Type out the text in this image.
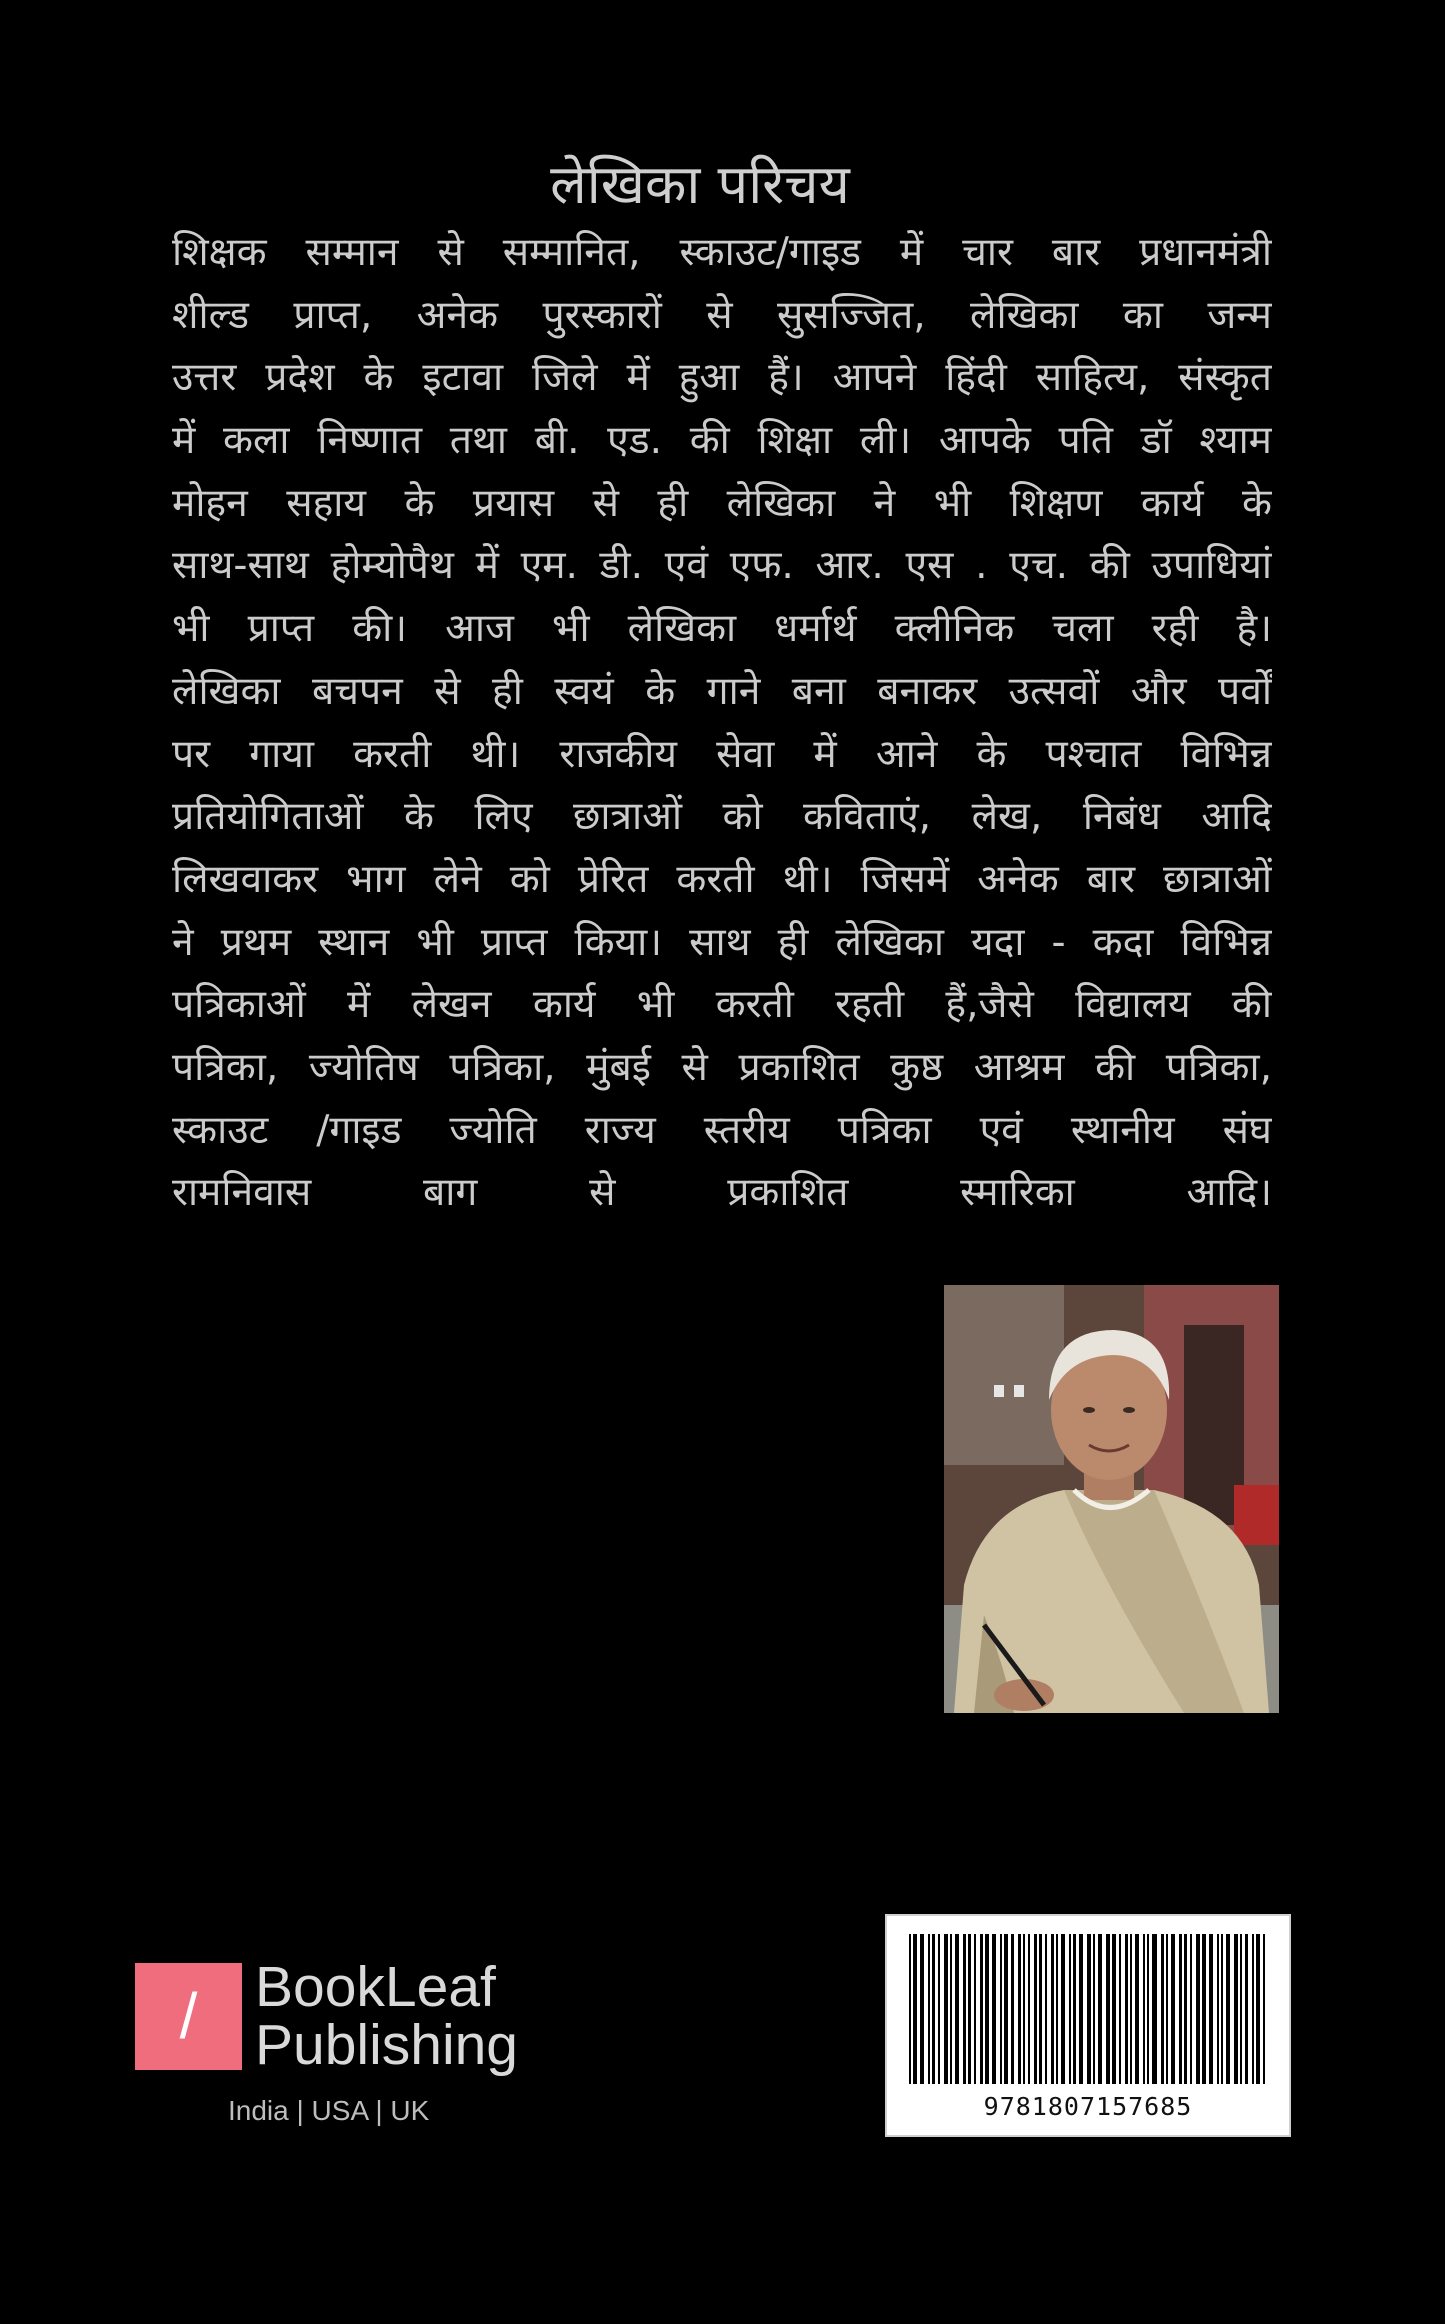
लेखिका परिचय
शिक्षक सम्मान से सम्मानित, स्काउट/गाइड में चार बार प्रधानमंत्री
शील्ड प्राप्त, अनेक पुरस्कारों से सुसज्जित, लेखिका का जन्म
उत्तर प्रदेश के इटावा जिले में हुआ हैं। आपने हिंदी साहित्य, संस्कृत
में कला निष्णात तथा बी. एड. की शिक्षा ली। आपके पति डॉ श्याम
मोहन सहाय के प्रयास से ही लेखिका ने भी शिक्षण कार्य के
साथ-साथ होम्योपैथ में एम. डी. एवं एफ. आर. एस . एच. की उपाधियां
भी प्राप्त की। आज भी लेखिका धर्मार्थ क्लीनिक चला रही है।
लेखिका बचपन से ही स्वयं के गाने बना बनाकर उत्सवों और पर्वों
पर गाया करती थी। राजकीय सेवा में आने के पश्चात विभिन्न
प्रतियोगिताओं के लिए छात्राओं को कविताएं, लेख, निबंध आदि
लिखवाकर भाग लेने को प्रेरित करती थी। जिसमें अनेक बार छात्राओं
ने प्रथम स्थान भी प्राप्त किया। साथ ही लेखिका यदा - कदा विभिन्न
पत्रिकाओं में लेखन कार्य भी करती रहती हैं,जैसे विद्यालय की
पत्रिका, ज्योतिष पत्रिका, मुंबई से प्रकाशित कुष्ठ आश्रम की पत्रिका,
स्काउट /गाइड ज्योति राज्य स्तरीय पत्रिका एवं स्थानीय संघ
रामनिवास बाग से प्रकाशित स्मारिका आदि।
/	BookLeaf
Publishing
India | USA | UK	9781807157685
